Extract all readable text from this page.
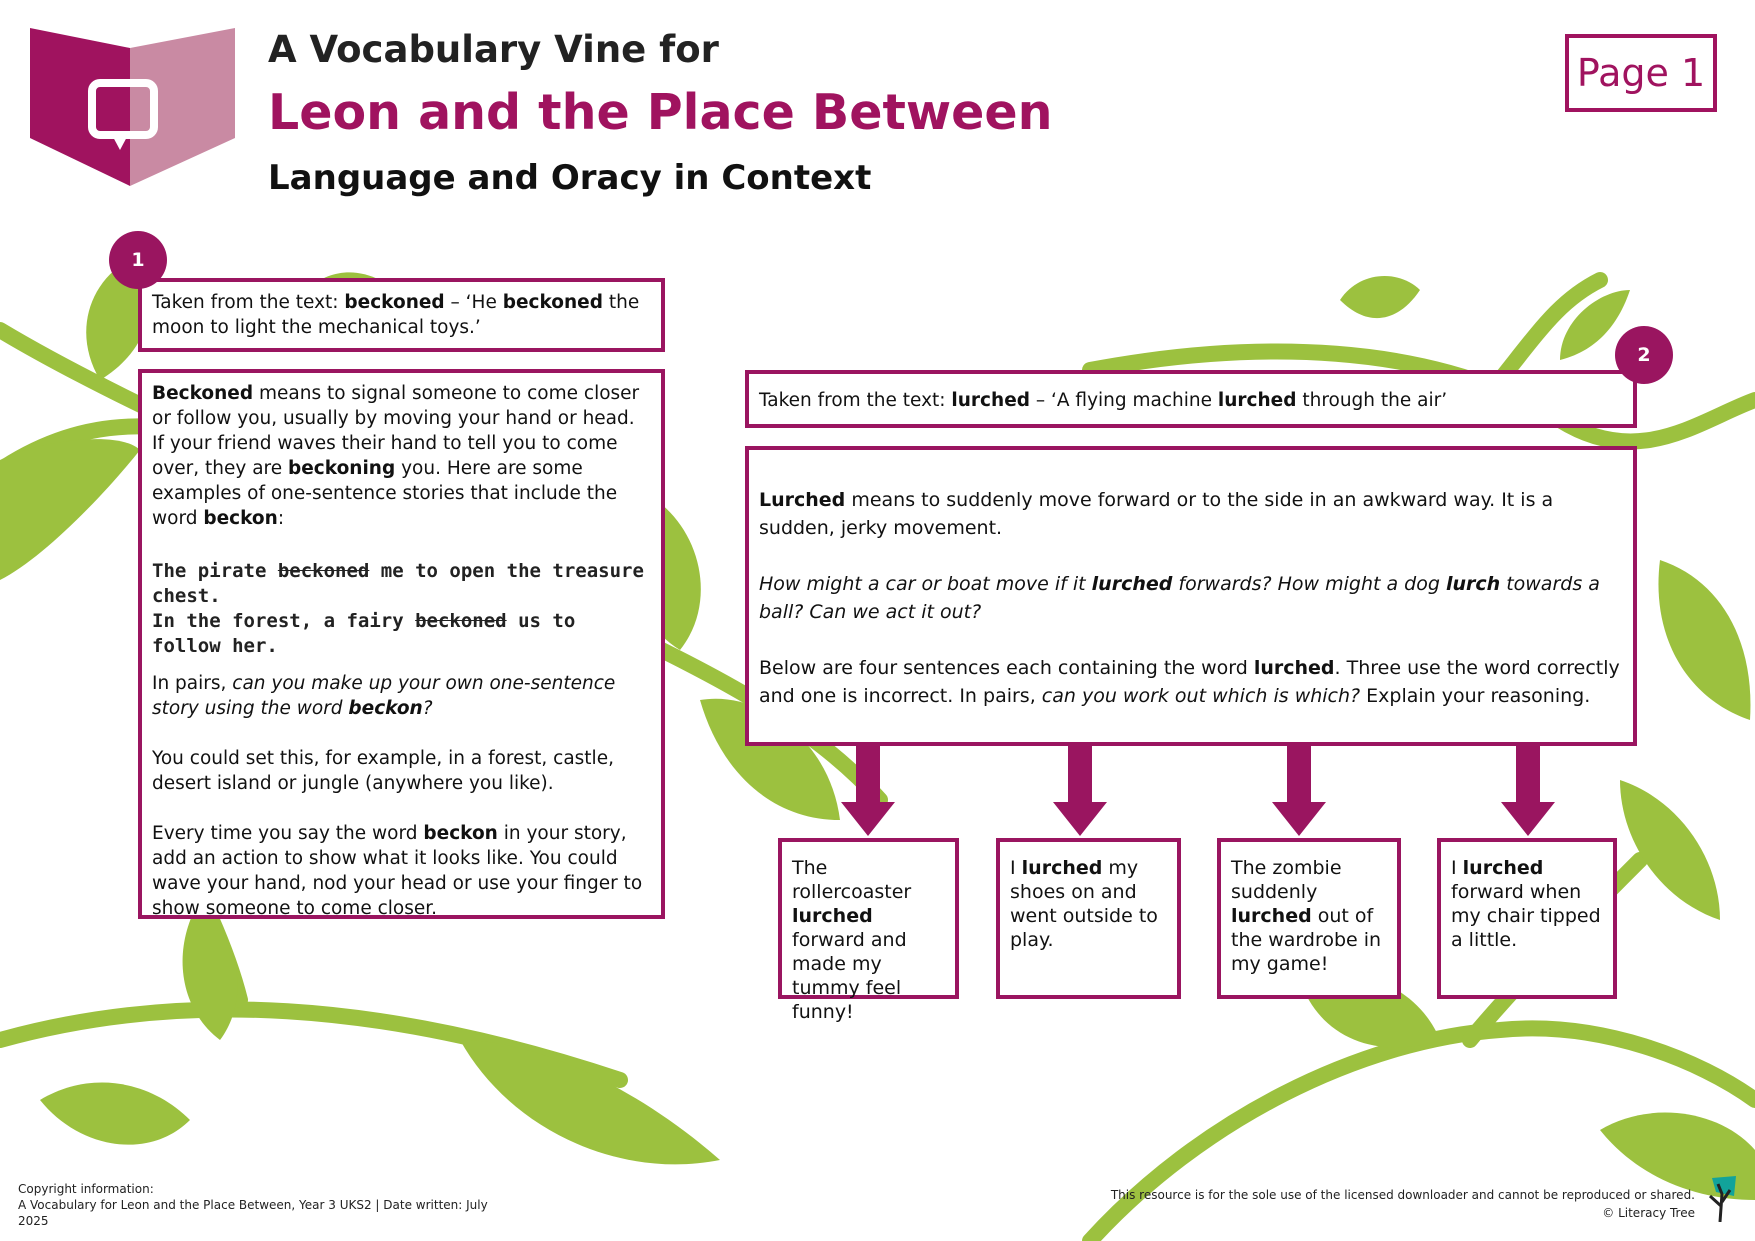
A Vocabulary Vine for
Leon and the Place Between
Language and Oracy in Context
Page 1

Taken from the text: beckoned – ‘He beckoned the moon to light the mechanical toys.’

1

Beckoned means to signal someone to come closer or follow you, usually by moving your hand or head. If your friend waves their hand to tell you to come over, they are beckoning you. Here are some examples of one-sentence stories that include the word beckon:

The pirate beckoned me to open the treasure chest.

In the forest, a fairy beckoned us to follow her.

In pairs, can you make up your own one-sentence story using the word beckon?

You could set this, for example, in a forest, castle, desert island or jungle (anywhere you like).

Every time you say the word beckon in your story, add an action to show what it looks like. You could wave your hand, nod your head or use your finger to show someone to come closer.

Taken from the text: lurched – ‘A flying machine lurched through the air’

2

Lurched means to suddenly move forward or to the side in an awkward way. It is a sudden, jerky movement.

How might a car or boat move if it lurched forwards? How might a dog lurch towards a ball? Can we act it out?

Below are four sentences each containing the word lurched. Three use the word correctly and one is incorrect. In pairs, can you work out which is which? Explain your reasoning.

The rollercoaster lurched forward and made my tummy feel funny!

I lurched my shoes on and went outside to play.

The zombie suddenly lurched out of the wardrobe in my game!

I lurched forward when my chair tipped a little.

Copyright information:
A Vocabulary for Leon and the Place Between, Year 3 UKS2 | Date written: July 2025
This resource is for the sole use of the licensed downloader and cannot be reproduced or shared.
© Literacy Tree
